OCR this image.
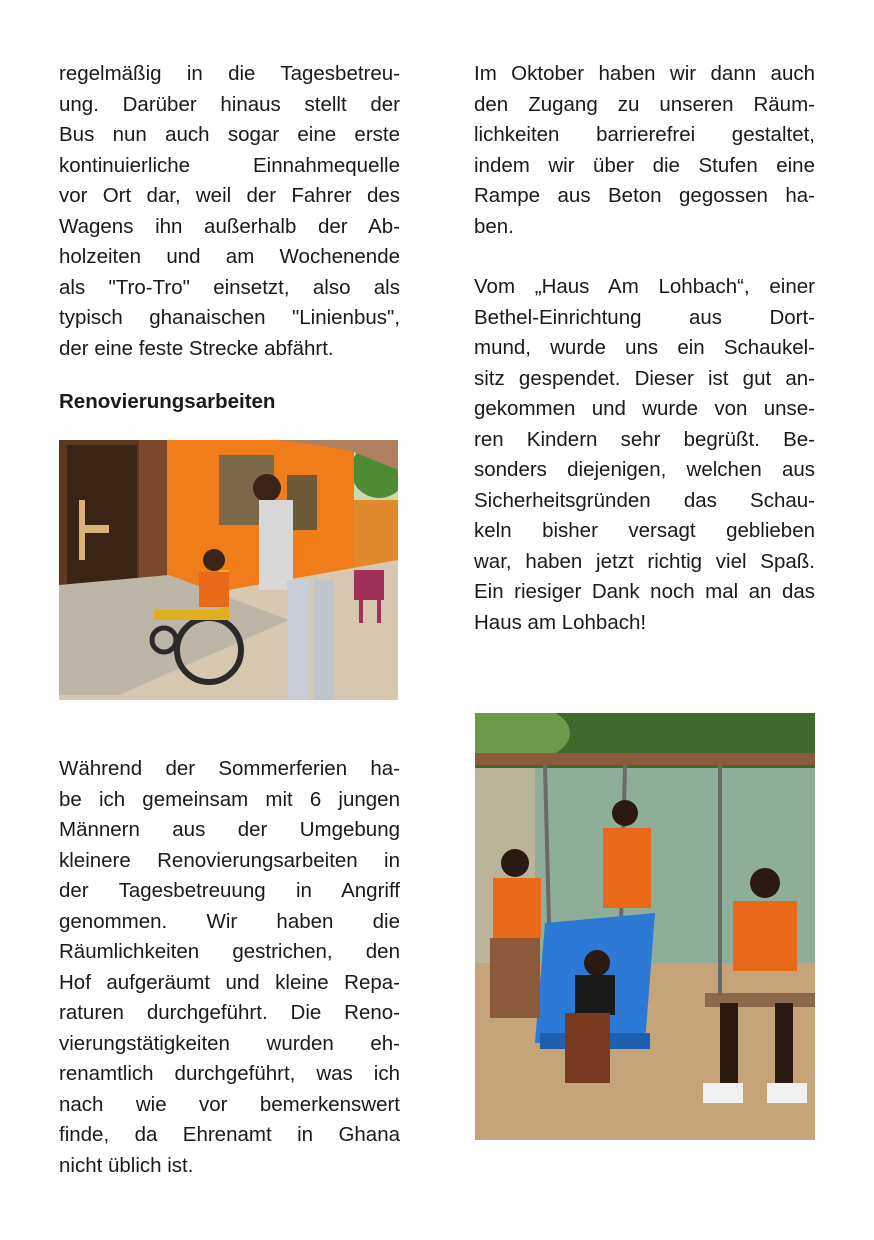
regelmäßig in die Tagesbetreu-
ung. Darüber hinaus stellt der
Bus nun auch sogar eine erste
kontinuierliche Einnahmequelle
vor Ort dar, weil der Fahrer des
Wagens ihn außerhalb der Ab-
holzeiten und am Wochenende
als "Tro-Tro" einsetzt, also als
typisch ghanaischen "Linienbus",
der eine feste Strecke abfährt.
Renovierungsarbeiten
Während der Sommerferien ha-
be ich gemeinsam mit 6 jungen
Männern aus der Umgebung
kleinere Renovierungsarbeiten in
der Tagesbetreuung in Angriff
genommen. Wir haben die
Räumlichkeiten gestrichen, den
Hof aufgeräumt und kleine Repa-
raturen durchgeführt. Die Reno-
vierungstätigkeiten wurden eh-
renamtlich durchgeführt, was ich
nach wie vor bemerkenswert
finde, da Ehrenamt in Ghana
nicht üblich ist.
Im Oktober haben wir dann auch
den Zugang zu unseren Räum-
lichkeiten barrierefrei gestaltet,
indem wir über die Stufen eine
Rampe aus Beton gegossen ha-
ben.
Vom „Haus Am Lohbach“, einer
Bethel-Einrichtung aus Dort-
mund, wurde uns ein Schaukel-
sitz gespendet. Dieser ist gut an-
gekommen und wurde von unse-
ren Kindern sehr begrüßt. Be-
sonders diejenigen, welchen aus
Sicherheitsgründen das Schau-
keln bisher versagt geblieben
war, haben jetzt richtig viel Spaß.
Ein riesiger Dank noch mal an das
Haus am Lohbach!
